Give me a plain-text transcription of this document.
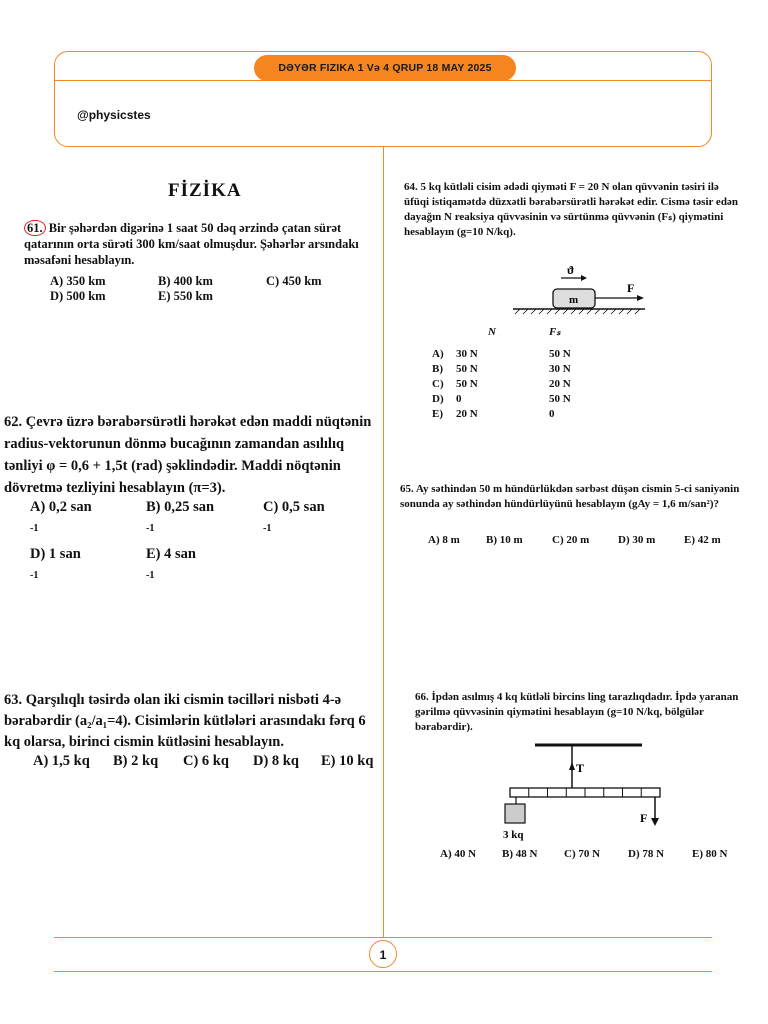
DƏYƏR FIZIKA 1 Və 4 QRUP 18 MAY 2025
@physicstes
FİZİKA
61. Bir şəhərdən digərinə 1 saat 50 dəq ərzində çatan sürət qatarının orta sürəti 300 km/saat olmuşdur. Şəhərlər arsındakı məsafəni hesablayın.
A) 350 km	B) 400 km	C) 450 km
D) 500 km	E) 550 km
62. Çevrə üzrə bərabərsürətli hərəkət edən maddi nüqtənin radius-vektorunun dönmə bucağının zamandan asılılıq tənliyi φ = 0,6 + 1,5t (rad) şəklindədir. Maddi nöqtənin dövretmə tezliyini hesablayın (π=3).
A) 0,2 san
$^{-1}$
B) 0,25 san
$^{-1}$
C) 0,5 san
$^{-1}$
D) 1 san
$^{-1}$
E) 4 san
$^{-1}$
63. Qarşılıqlı təsirdə olan iki cismin təcilləri nisbəti 4-ə bərabərdir (a₂/a₁=4). Cisimlərin kütlələri arasındakı fərq 6 kq olarsa, birinci cismin kütləsini hesablayın.
A) 1,5 kq	B) 2 kq	C) 6 kq	D) 8 kq	E) 10 kq
64. 5 kq kütləli cisim ədədi qiyməti F = 20 N olan qüvvənin təsiri ilə üfüqi istiqamətdə düzxətli bərabərsürətli hərəkət edir. Cismə təsir edən dayağın N reaksiya qüvvəsinin və sürtünmə qüvvənin (Fₛ) qiymətini hesablayın (g=10 N/kq).
ϑ
m
F
N	Fₛ
A)	30 N	50 N
B)	50 N	30 N
C)	50 N	20 N
D)	0	50 N
E)	20 N	0
65. Ay səthindən 50 m hündürlükdən sərbəst düşən cismin 5-ci saniyənin sonunda ay səthindən hündürlüyünü hesablayın (gAy = 1,6 m/san²)?
A) 8 m	B) 10 m	C) 20 m	D) 30 m	E) 42 m
66. İpdən asılmış 4 kq kütləli bircins ling tarazlıqdadır. İpdə yaranan gərilmə qüvvəsinin qiymətini hesablayın (g=10 N/kq, bölgülər bərabərdir).
T
3 kq
F
A) 40 N	B) 48 N	C) 70 N	D) 78 N	E) 80 N
1
